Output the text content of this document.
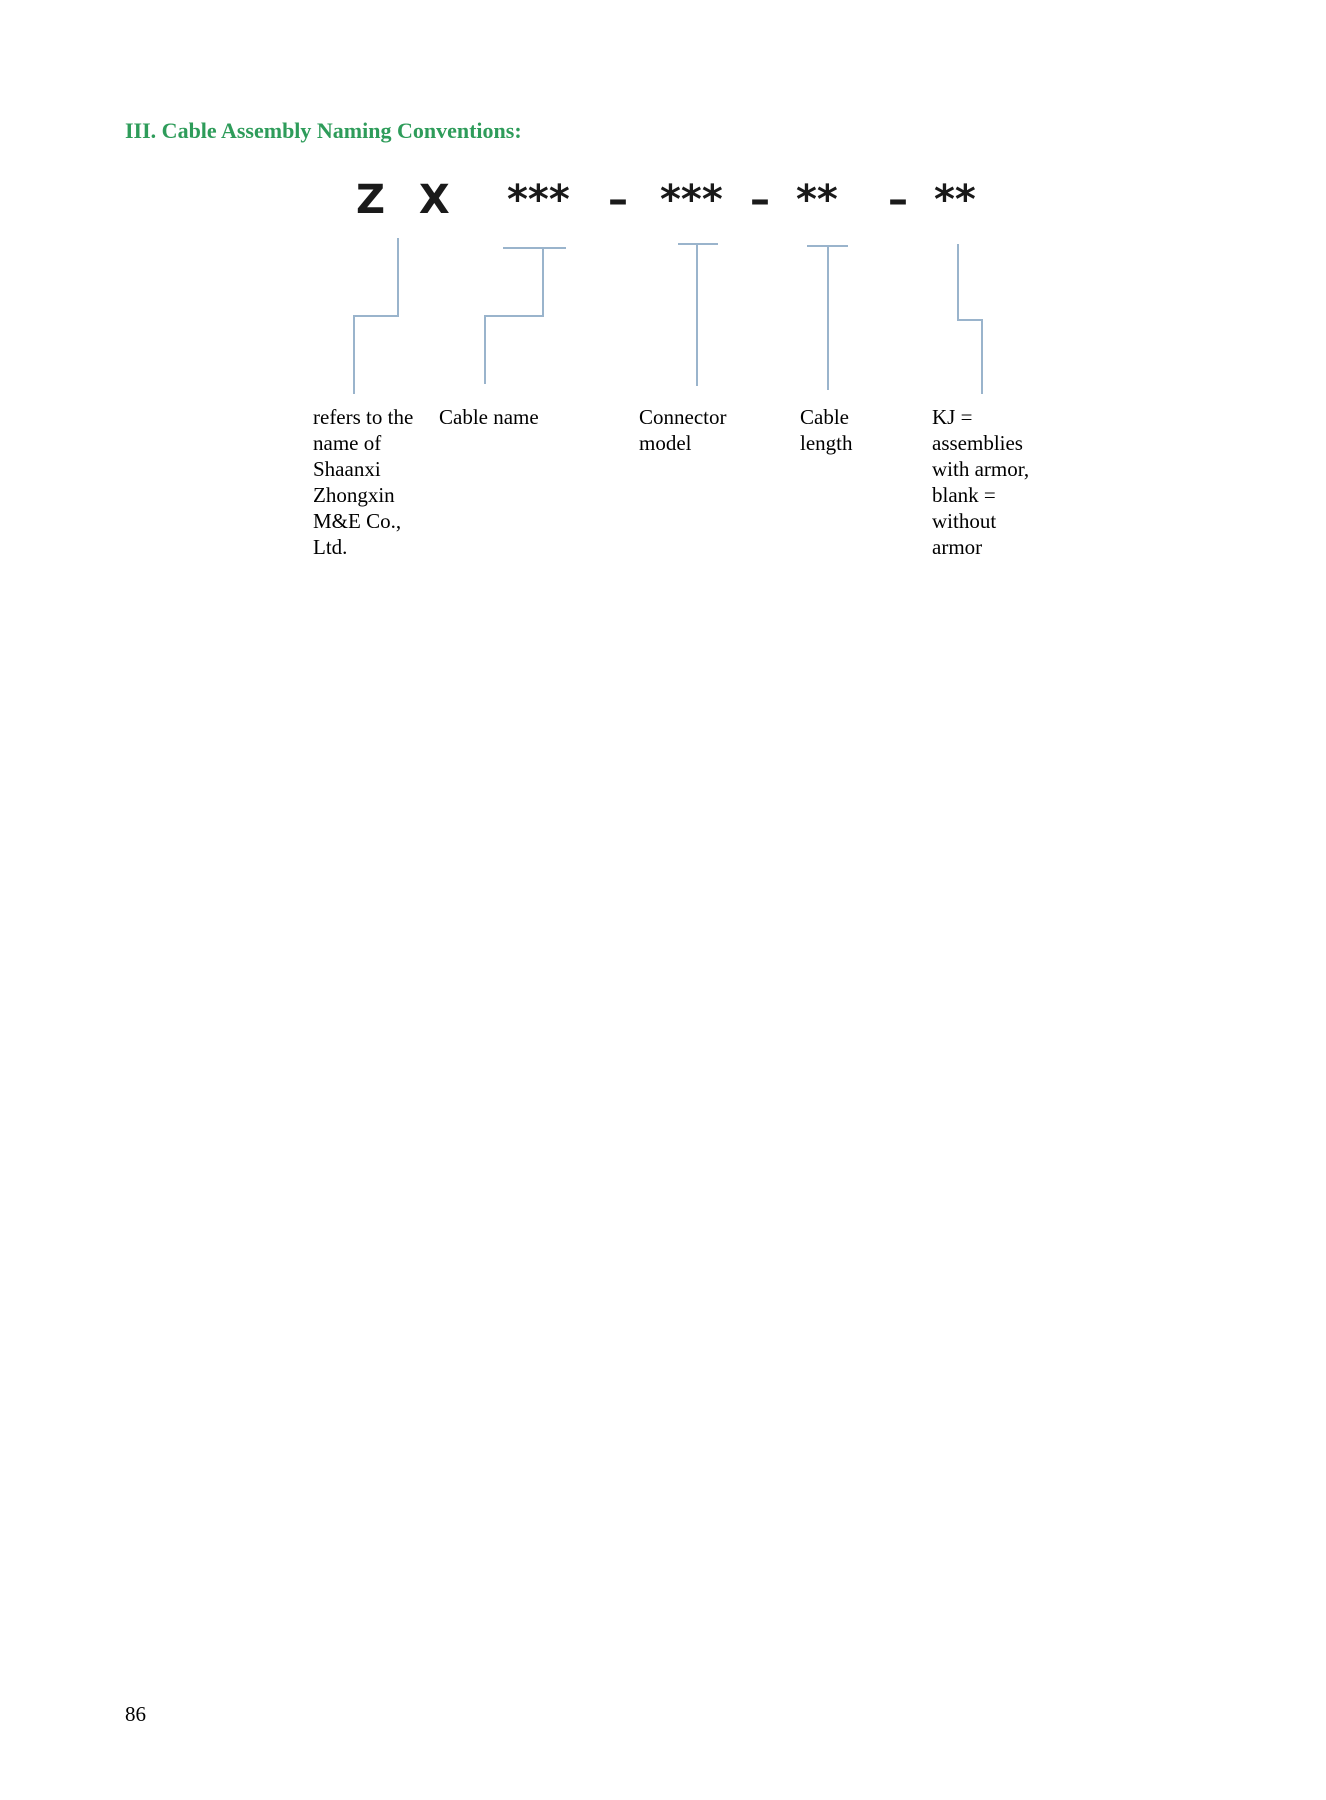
III. Cable Assembly Naming Conventions:
Z X *** – *** – ** – **

refers to the name of Shaanxi Zhongxin M&E Co., Ltd.

Cable name	Connector model

Cable length

KJ = assemblies with armor, blank = without armor

86
